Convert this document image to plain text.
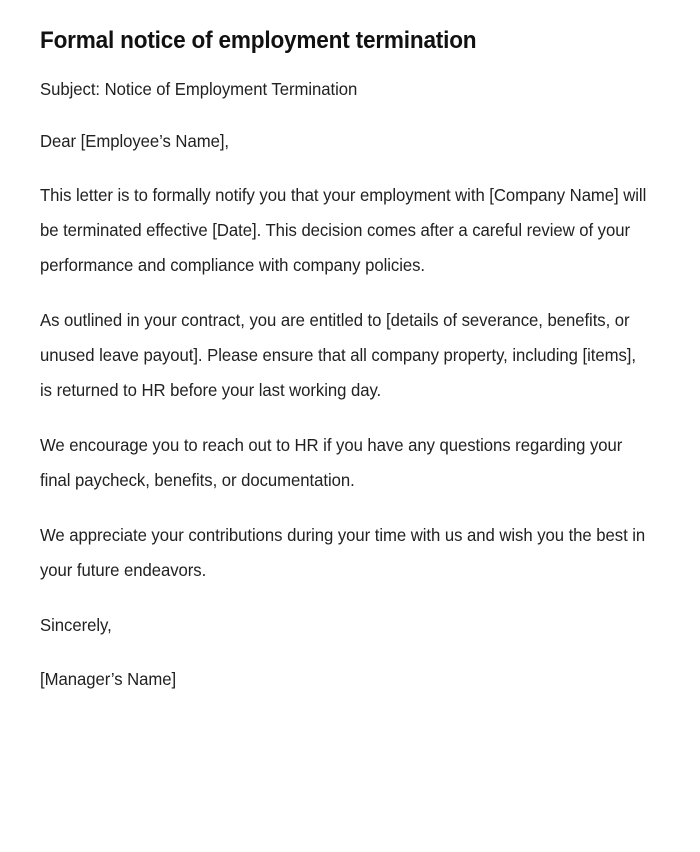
Formal notice of employment termination

Subject: Notice of Employment Termination

Dear [Employee’s Name],

This letter is to formally notify you that your employment with [Company Name] will be terminated effective [Date]. This decision comes after a careful review of your performance and compliance with company policies.

As outlined in your contract, you are entitled to [details of severance, benefits, or unused leave payout]. Please ensure that all company property, including [items], is returned to HR before your last working day.

We encourage you to reach out to HR if you have any questions regarding your final paycheck, benefits, or documentation.

We appreciate your contributions during your time with us and wish you the best in your future endeavors.

Sincerely,

[Manager’s Name]
